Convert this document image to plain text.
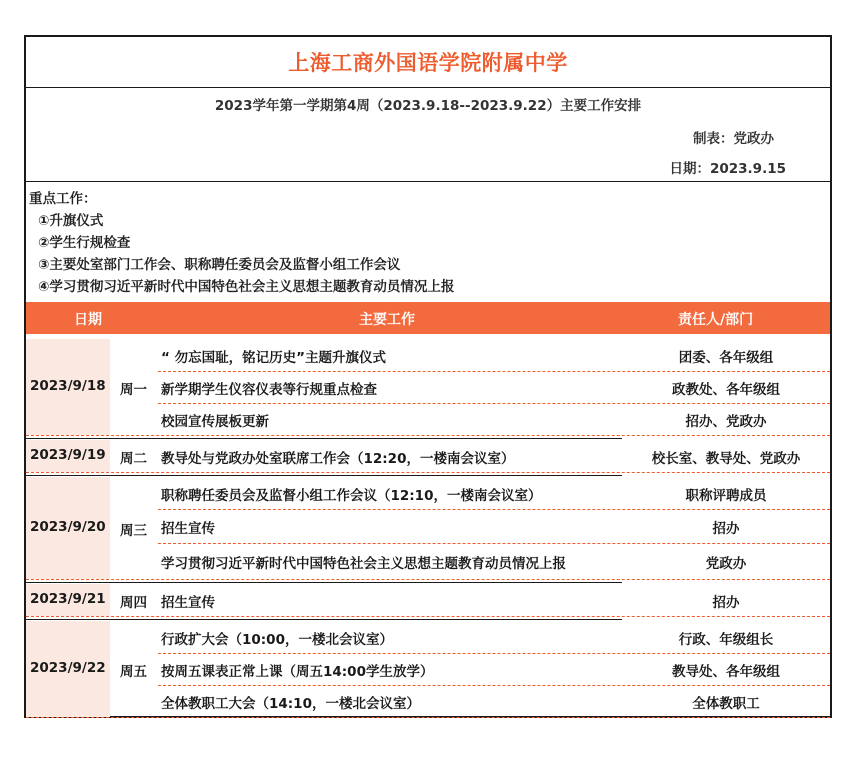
上海工商外国语学院附属中学
2023学年第一学期第4周（2023.9.18--2023.9.22）主要工作安排
制表：党政办
日期：2023.9.15
重点工作：
①升旗仪式
②学生行规检查
③主要处室部门工作会、职称聘任委员会及监督小组工作会议
④学习贯彻习近平新时代中国特色社会主义思想主题教育动员情况上报
日期	主要工作	责任人/部门
2023/9/18 周一
“ 勿忘国耻，铭记历史”主题升旗仪式	团委、各年级组
新学期学生仪容仪表等行规重点检查	政教处、各年级组
校园宣传展板更新	招办、党政办
2023/9/19 周二 教导处与党政办处室联席工作会（12:20，一楼南会议室）	校长室、教导处、党政办
2023/9/20 周三
职称聘任委员会及监督小组工作会议（12:10，一楼南会议室）	职称评聘成员
招生宣传	招办
学习贯彻习近平新时代中国特色社会主义思想主题教育动员情况上报	党政办
2023/9/21 周四 招生宣传	招办
2023/9/22 周五
行政扩大会（10:00，一楼北会议室）	行政、年级组长
按周五课表正常上课（周五14:00学生放学）	教导处、各年级组
全体教职工大会（14:10，一楼北会议室）	全体教职工
